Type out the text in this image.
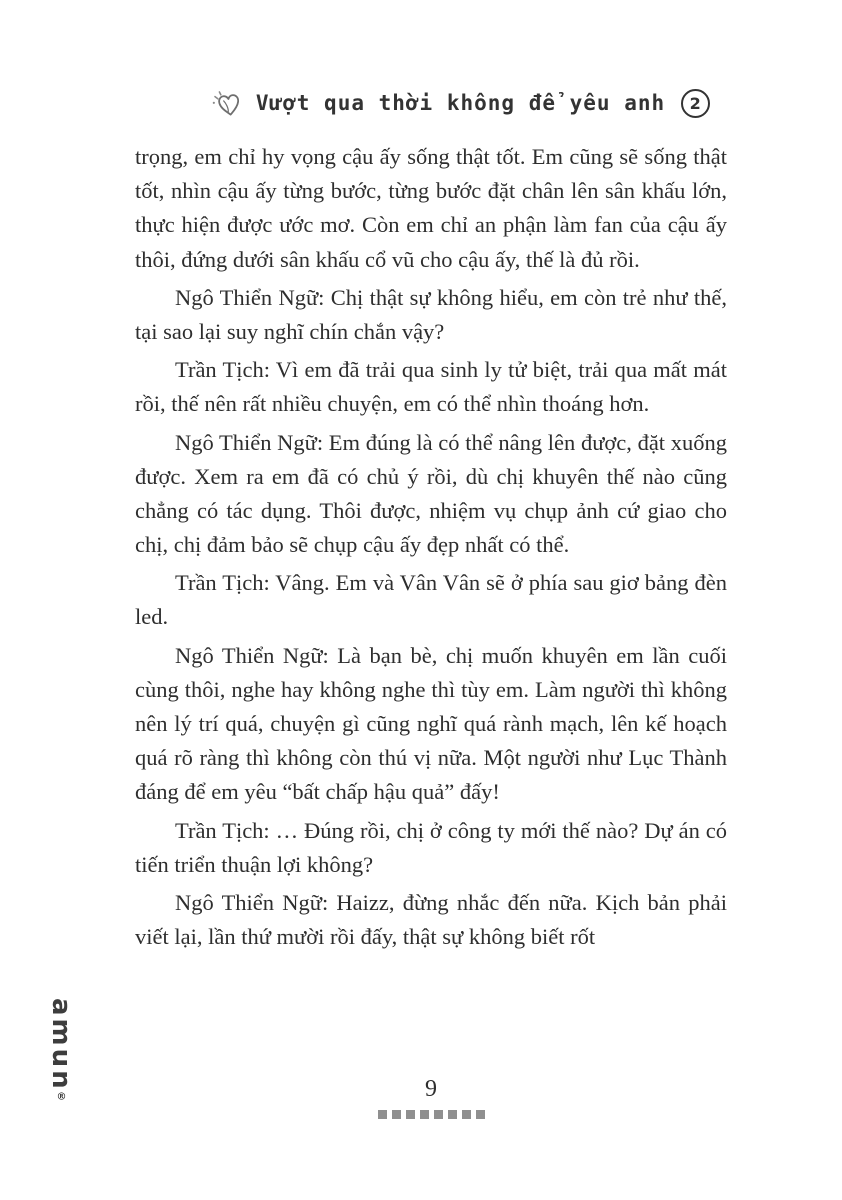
Vượt qua thời không để yêu anh	2

trọng, em chỉ hy vọng cậu ấy sống thật tốt. Em cũng sẽ sống thật tốt, nhìn cậu ấy từng bước, từng bước đặt chân lên sân khấu lớn, thực hiện được ước mơ. Còn em chỉ an phận làm fan của cậu ấy thôi, đứng dưới sân khấu cổ vũ cho cậu ấy, thế là đủ rồi.

Ngô Thiển Ngữ: Chị thật sự không hiểu, em còn trẻ như thế, tại sao lại suy nghĩ chín chắn vậy?

Trần Tịch: Vì em đã trải qua sinh ly tử biệt, trải qua mất mát rồi, thế nên rất nhiều chuyện, em có thể nhìn thoáng hơn.

Ngô Thiển Ngữ: Em đúng là có thể nâng lên được, đặt xuống được. Xem ra em đã có chủ ý rồi, dù chị khuyên thế nào cũng chẳng có tác dụng. Thôi được, nhiệm vụ chụp ảnh cứ giao cho chị, chị đảm bảo sẽ chụp cậu ấy đẹp nhất có thể.

Trần Tịch: Vâng. Em và Vân Vân sẽ ở phía sau giơ bảng đèn led.

Ngô Thiển Ngữ: Là bạn bè, chị muốn khuyên em lần cuối cùng thôi, nghe hay không nghe thì tùy em. Làm người thì không nên lý trí quá, chuyện gì cũng nghĩ quá rành mạch, lên kế hoạch quá rõ ràng thì không còn thú vị nữa. Một người như Lục Thành đáng để em yêu “bất chấp hậu quả” đấy!

Trần Tịch: … Đúng rồi, chị ở công ty mới thế nào? Dự án có tiến triển thuận lợi không?

Ngô Thiển Ngữ: Haizz, đừng nhắc đến nữa. Kịch bản phải viết lại, lần thứ mười rồi đấy, thật sự không biết rốt

9
amun®
